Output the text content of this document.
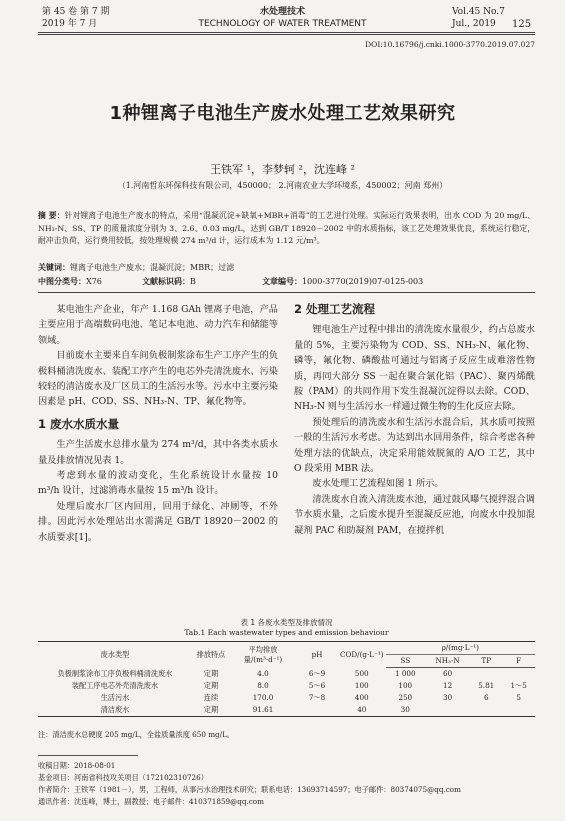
第 45 卷 第 7 期
2019 年 7 月
水处理技术
TECHNOLOGY OF WATER TREATMENT
Vol.45 No.7
Jul., 2019 125
DOI:10.16796/j.cnki.1000-3770.2019.07.027
1种锂离子电池生产废水处理工艺效果研究
王铁军 ¹，李梦轲 ²，沈连峰 ²
（1.河南哲东环保科技有限公司，450000； 2.河南农业大学环境系，450002；河南 郑州）
摘 要：针对锂离子电池生产废水的特点，采用“混凝沉淀+缺氧+MBR+消毒”的工艺进行处理。实际运行效果表明，出水 COD 为 20 mg/L、NH₃-N、SS、TP 的质量浓度分别为 3、2.6、0.03 mg/L，达到 GB/T 18920－2002 中的水质指标，该工艺处理效果优良，系统运行稳定，耐冲击负荷，运行费用较低，按处理规模 274 m³/d 计，运行成本为 1.12 元/m³。
关键词：锂离子电池生产废水；混凝沉淀；MBR；过滤
中图分类号：X76	文献标识码：B	文章编号：1000-3770(2019)07-0125-003

某电池生产企业，年产 1.168 GAh 锂离子电池，产品主要应用于高端数码电池、笔记本电池、动力汽车和储能等领域。

目前废水主要来自车间负极制浆涂布生产工序产生的负极料桶清洗废水、装配工序产生的电芯外壳清洗废水、污染较轻的清洁废水及厂区员工的生活污水等。污水中主要污染因素是 pH、COD、SS、NH₃-N、TP、氟化物等。

1 废水水质水量

生产生活废水总排水量为 274 m³/d，其中各类水质水量及排放情况见表 1。

考虑到水量的波动变化，生化系统设计水量按 10 m³/h 设计，过滤消毒水量按 15 m³/h 设计。

处理后废水厂区内回用，回用于绿化、冲厕等，不外排。因此污水处理站出水需满足 GB/T 18920－2002 的水质要求[1]。

2 处理工艺流程

锂电池生产过程中排出的清洗废水量很少，约占总废水量的 5%，主要污染物为 COD、SS、NH₃-N、氟化物、磷等，氟化物、磷酸盐可通过与铝离子反应生成难溶性物质，再同大部分 SS 一起在聚合氯化铝（PAC）、聚丙烯酰胺（PAM）的共同作用下发生混凝沉淀得以去除。COD、NH₃-N 则与生活污水一样通过微生物的生化反应去除。

预处理后的清洗废水和生活污水混合后，其水质可按照一般的生活污水考虑。为达到出水回用条件，综合考虑各种处理方法的优缺点，决定采用能效脱氮的 A/O 工艺，其中 O 段采用 MBR 法。

废水处理工艺流程如图 1 所示。

清洗废水自流入清洗废水池，通过鼓风曝气搅拌混合调节水质水量，之后废水提升至混凝反应池，向废水中投加混凝剂 PAC 和助凝剂 PAM，在搅拌机

表 1 各废水类型及排放情况
Tab.1 Each wastewater types and emission behaviour
废水类型	排放特点	平均排放量/(m³·d⁻¹)	pH	COD/(g·L⁻¹)	ρ/(mg·L⁻¹)			
					SS	NH₃-N	TP	F
负极制浆涂布工序负极料桶清洗废水	定期	4.0	6～9	500	1 000	60		
装配工序电芯外壳清洗废水	定期	8.0	5～6	100	100	12	5.81	1～5
生活污水	连续	170.0	7～8	400	250	30	6	5
清洁废水	定期	91.61		40	30			
注：清洁废水总硬度 205 mg/L，全盐质量浓度 650 mg/L。
收稿日期：2018-08-01
基金项目：河南省科技攻关项目（172102310726）
作者简介：王铁军（1981－），男，工程师，从事污水治理技术研究；联系电话：13693714597；电子邮件：80374075@qq.com
通讯作者：沈连峰，博士，副教授；电子邮件：410371859@qq.com
